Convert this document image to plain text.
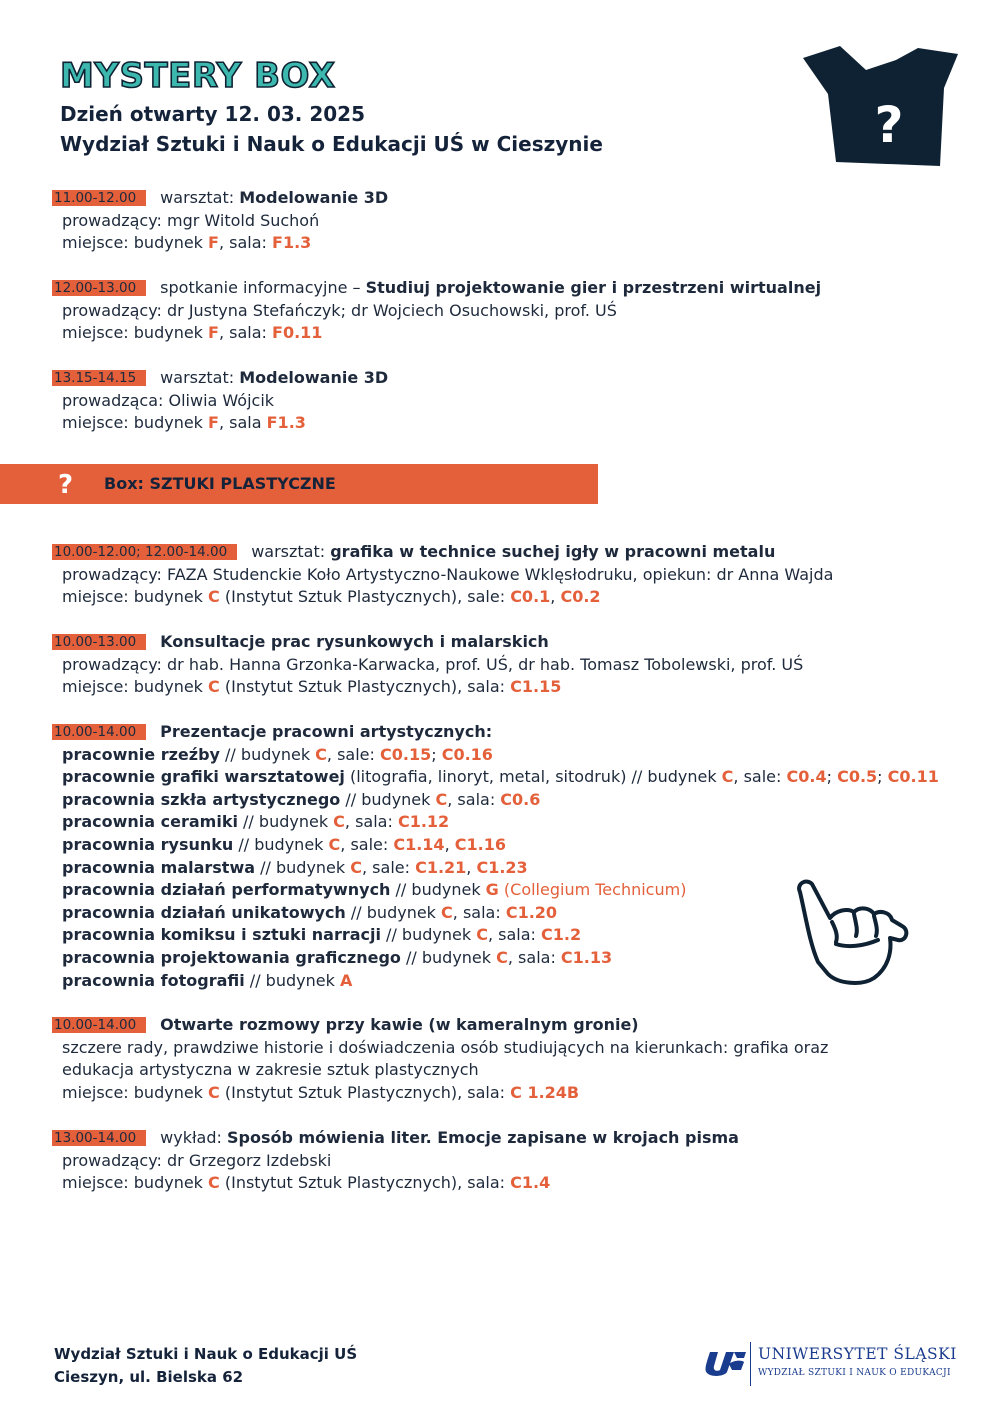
MYSTERY BOX
Dzień otwarty 12. 03. 2025
Wydział Sztuki i Nauk o Edukacji UŚ w Cieszynie	?
11.00-12.00 warsztat: Modelowanie 3D
prowadzący: mgr Witold Suchoń
miejsce: budynek F, sala: F1.3
12.00-13.00 spotkanie informacyjne – Studiuj projektowanie gier i przestrzeni wirtualnej
prowadzący: dr Justyna Stefańczyk; dr Wojciech Osuchowski, prof. UŚ
miejsce: budynek F, sala: F0.11
13.15-14.15 warsztat: Modelowanie 3D
prowadząca: Oliwia Wójcik
miejsce: budynek F, sala F1.3
? Box: SZTUKI PLASTYCZNE
10.00-12.00; 12.00-14.00 warsztat: grafika w technice suchej igły w pracowni metalu
prowadzący: FAZA Studenckie Koło Artystyczno-Naukowe Wklęsłodruku, opiekun: dr Anna Wajda
miejsce: budynek C (Instytut Sztuk Plastycznych), sale: C0.1, C0.2
10.00-13.00 Konsultacje prac rysunkowych i malarskich
prowadzący: dr hab. Hanna Grzonka-Karwacka, prof. UŚ, dr hab. Tomasz Tobolewski, prof. UŚ
miejsce: budynek C (Instytut Sztuk Plastycznych), sala: C1.15
10.00-14.00 Prezentacje pracowni artystycznych:
pracownie rzeźby // budynek C, sale: C0.15; C0.16
pracownie grafiki warsztatowej (litografia, linoryt, metal, sitodruk) // budynek C, sale: C0.4; C0.5; C0.11
pracownia szkła artystycznego // budynek C, sala: C0.6
pracownia ceramiki // budynek C, sala: C1.12
pracownia rysunku // budynek C, sale: C1.14, C1.16
pracownia malarstwa // budynek C, sale: C1.21, C1.23
pracownia działań performatywnych // budynek G (Collegium Technicum)
pracownia działań unikatowych // budynek C, sala: C1.20
pracownia komiksu i sztuki narracji // budynek C, sala: C1.2
pracownia projektowania graficznego // budynek C, sala: C1.13
pracownia fotografii // budynek A
10.00-14.00 Otwarte rozmowy przy kawie (w kameralnym gronie)
szczere rady, prawdziwe historie i doświadczenia osób studiujących na kierunkach: grafika oraz
edukacja artystyczna w zakresie sztuk plastycznych
miejsce: budynek C (Instytut Sztuk Plastycznych), sala: C 1.24B
13.00-14.00 wykład: Sposób mówienia liter. Emocje zapisane w krojach pisma
prowadzący: dr Grzegorz Izdebski
miejsce: budynek C (Instytut Sztuk Plastycznych), sala: C1.4
Wydział Sztuki i Nauk o Edukacji UŚ
Cieszyn, ul. Bielska 62
UNIWERSYTET ŚLĄSKI
WYDZIAŁ SZTUKI I NAUK O EDUKACJI
